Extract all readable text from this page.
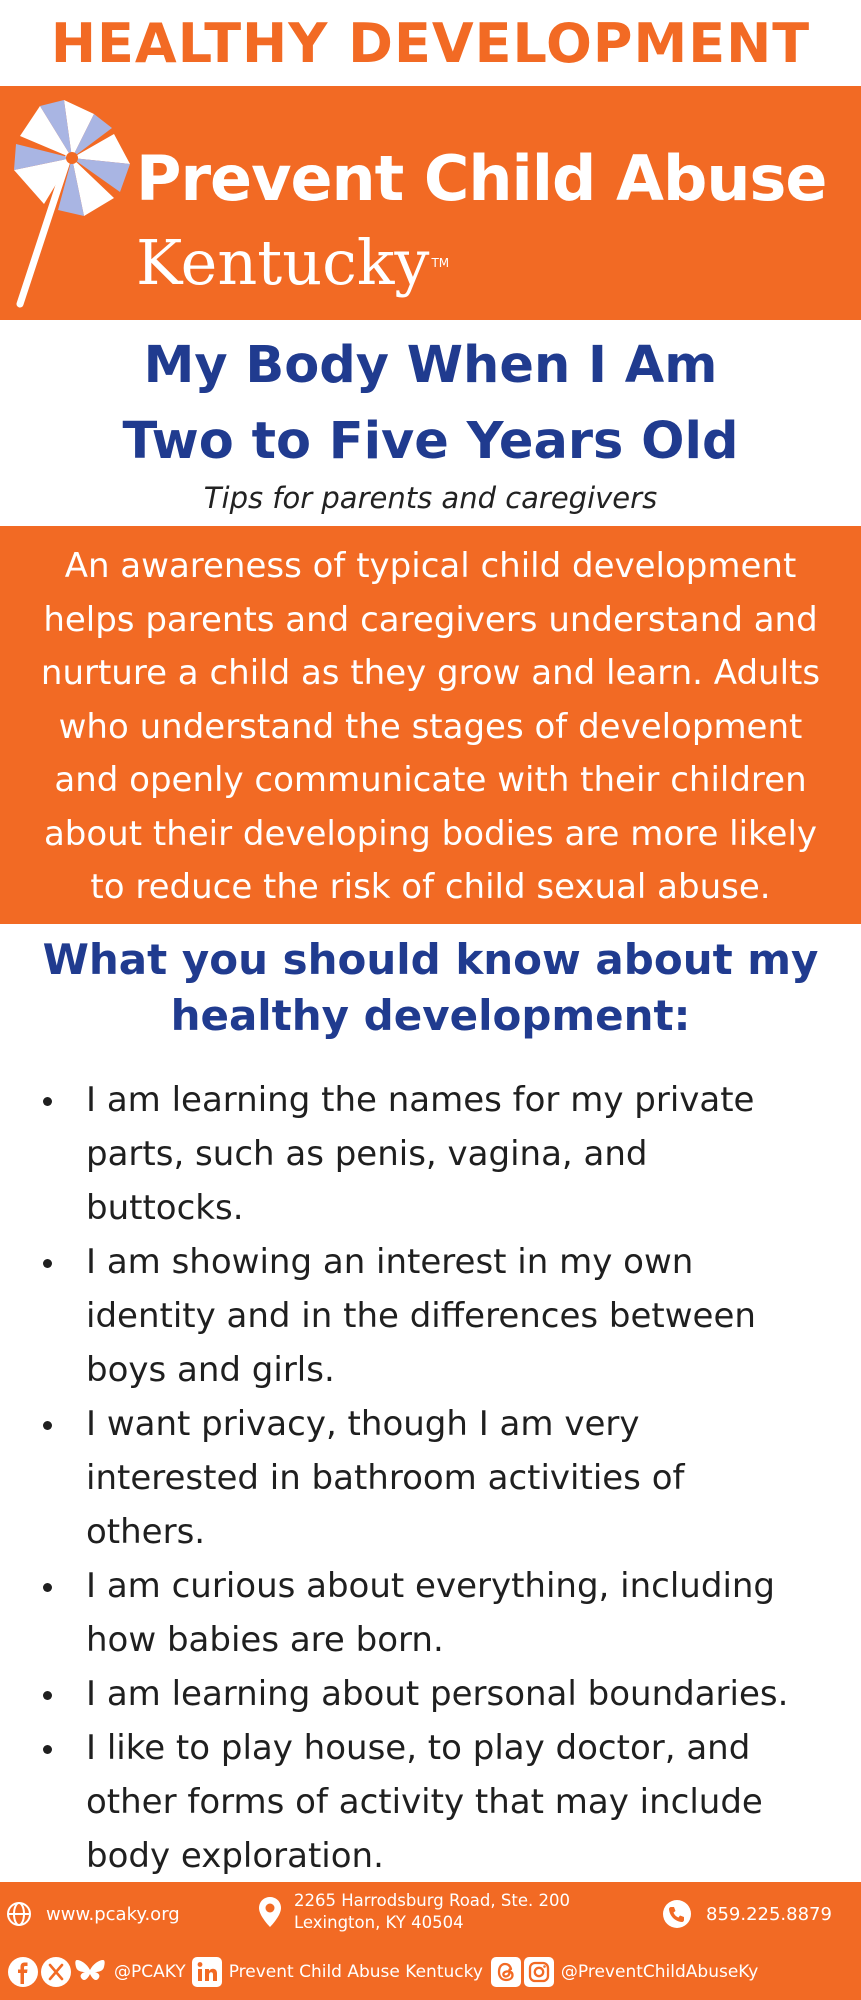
HEALTHY DEVELOPMENT
Prevent Child Abuse
Kentucky ™
My Body When I Am
Two to Five Years Old
Tips for parents and caregivers
An awareness of typical child development
helps parents and caregivers understand and
nurture a child as they grow and learn. Adults
who understand the stages of development
and openly communicate with their children
about their developing bodies are more likely
to reduce the risk of child sexual abuse.
What you should know about my
healthy development:
I am learning the names for my private
parts, such as penis, vagina, and
buttocks.
I am showing an interest in my own
identity and in the differences between
boys and girls.
I want privacy, though I am very
interested in bathroom activities of
others.
I am curious about everything, including
how babies are born.
I am learning about personal boundaries.
I like to play house, to play doctor, and
other forms of activity that may include
body exploration.
www.pcaky.org
2265 Harrodsburg Road, Ste. 200
Lexington, KY 40504	859.225.8879
@PCAKY	Prevent Child Abuse Kentucky	@PreventChildAbuseKy
